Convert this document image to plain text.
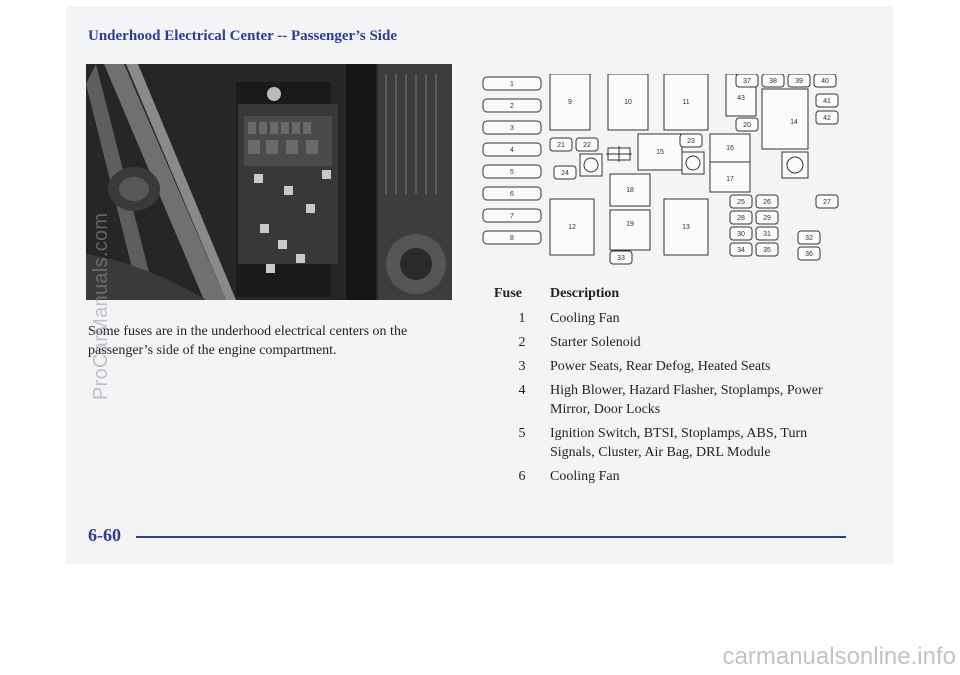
Underhood Electrical Center -- Passenger’s Side
Some fuses are in the underhood electrical centers on the passenger’s side of the engine compartment.
ProCarManuals.com
1
2
3
4
5
6
7
8
9	10	11
12	13
14
15
16
17
18
19
20
21	22
23
24
25	26	27
28	29
30	31
32
33
34	35
36
37	38	39	40
41
42
43
Fuse	Description
1	Cooling Fan
2	Starter Solenoid
3	Power Seats, Rear Defog, Heated Seats
4	High Blower, Hazard Flasher, Stoplamps, Power Mirror, Door Locks
5	Ignition Switch, BTSI, Stoplamps, ABS, Turn Signals, Cluster, Air Bag, DRL Module
6	Cooling Fan
6-60
carmanualsonline.info
